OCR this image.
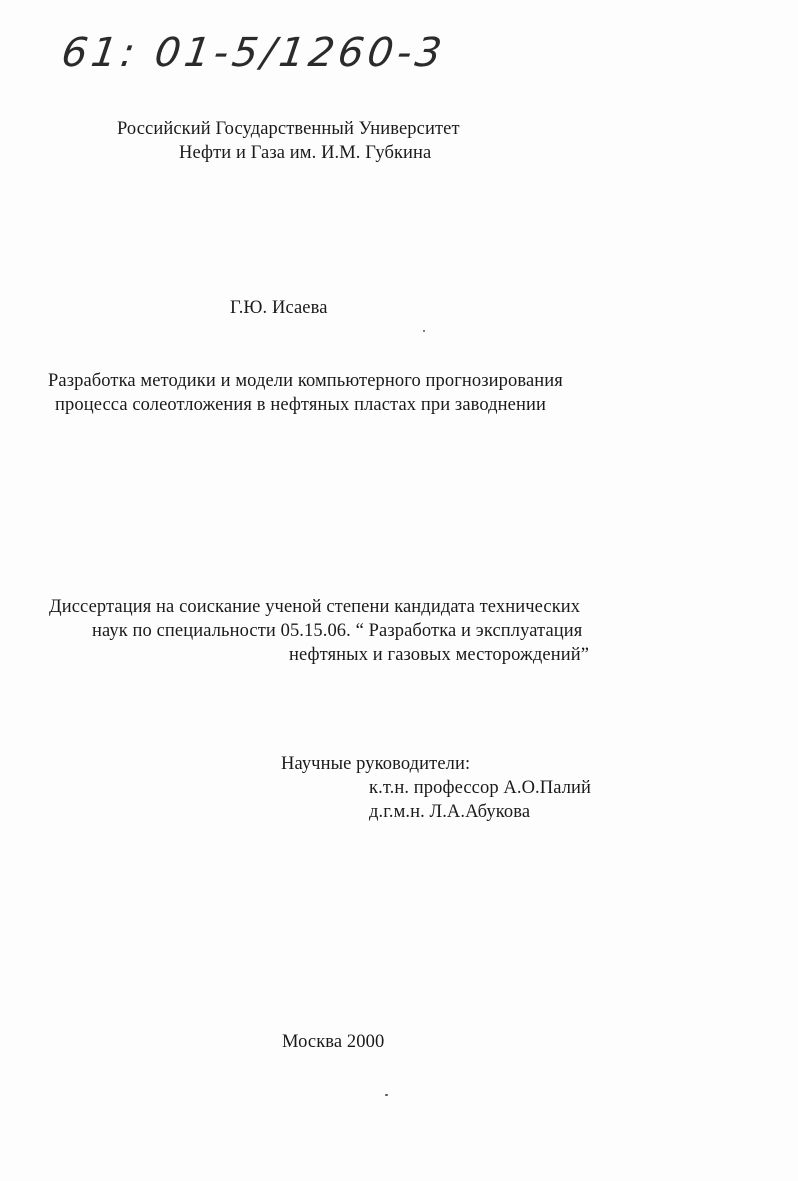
61: 01-5/1260-3
Российский Государственный Университет
Нефти и Газа им. И.М. Губкина
Г.Ю. Исаева
Разработка методики и модели компьютерного прогнозирования
процесса солеотложения в нефтяных пластах при заводнении
Диссертация на соискание ученой степени кандидата технических
наук по специальности 05.15.06. “ Разработка и эксплуатация
нефтяных и газовых месторождений”
Научные руководители:
к.т.н. профессор А.О.Палий
д.г.м.н. Л.А.Абукова
Москва 2000
